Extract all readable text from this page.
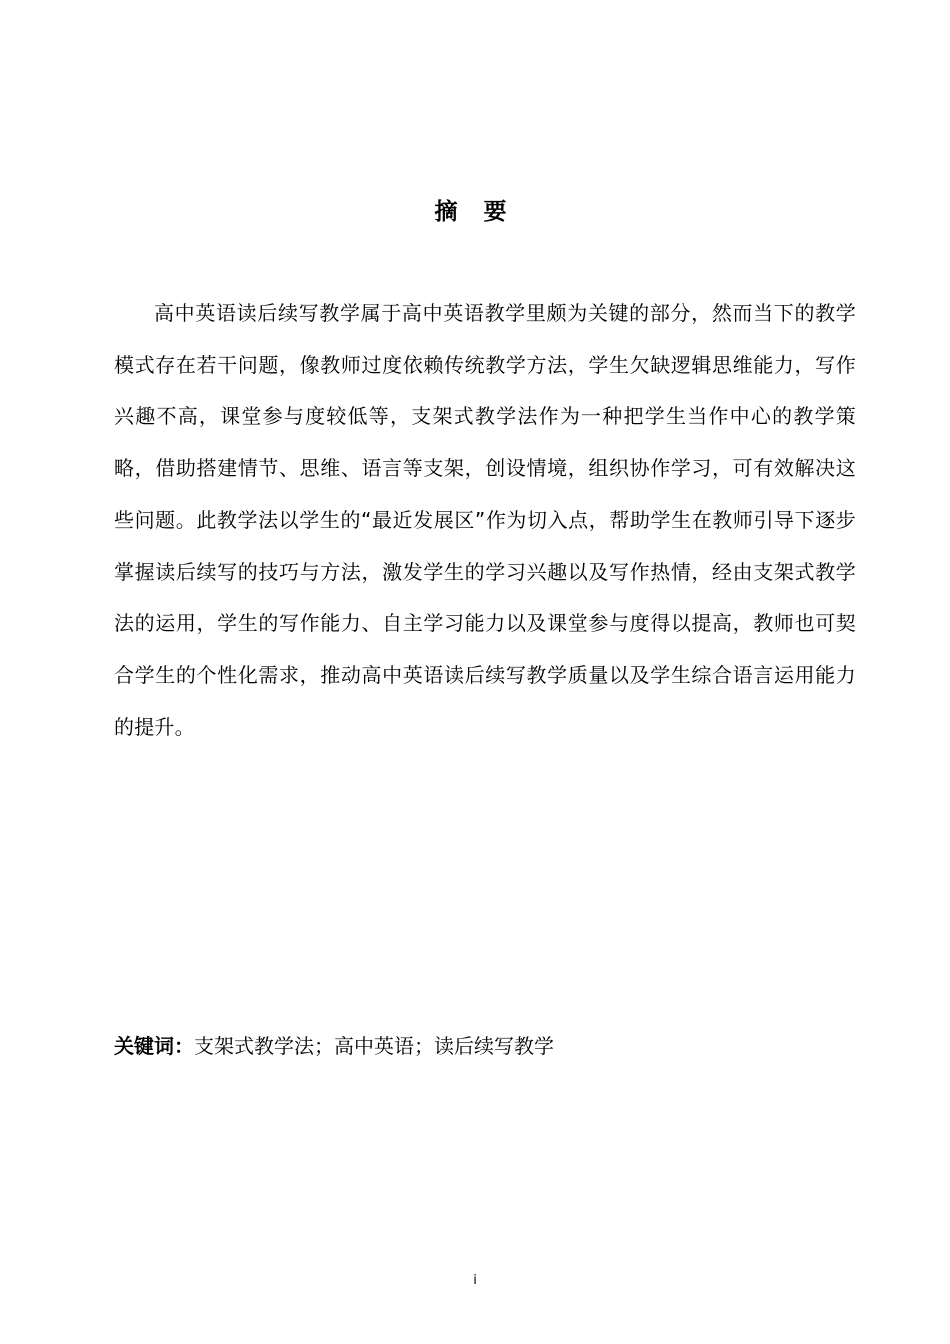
摘 要

高中英语读后续写教学属于高中英语教学里颇为关键的部分，然而当下的教学模式存在若干问题，像教师过度依赖传统教学方法，学生欠缺逻辑思维能力，写作兴趣不高，课堂参与度较低等，支架式教学法作为一种把学生当作中心的教学策略，借助搭建情节、思维、语言等支架，创设情境，组织协作学习，可有效解决这些问题。此教学法以学生的“最近发展区”作为切入点，帮助学生在教师引导下逐步掌握读后续写的技巧与方法，激发学生的学习兴趣以及写作热情，经由支架式教学法的运用，学生的写作能力、自主学习能力以及课堂参与度得以提高，教师也可契合学生的个性化需求，推动高中英语读后续写教学质量以及学生综合语言运用能力的提升。

关键词：支架式教学法；高中英语；读后续写教学
i
